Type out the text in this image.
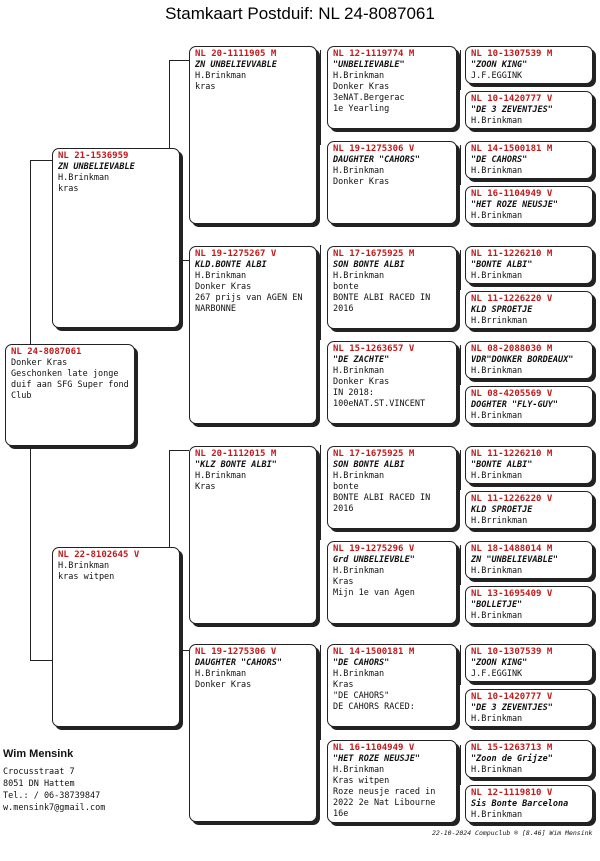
Stamkaart Postduif: NL 24-8087061
NL 24-8087061
Donker Kras
Geschonken late jonge duif aan SFG Super fond Club
NL 21-1536959
ZN UNBELIEVABLE
H.Brinkman
kras
NL 22-8102645 V
H.Brinkman
kras witpen
NL 20-1111905 M
ZN UNBELIEVVABLE
H.Brinkman
kras
NL 19-1275267 V
KLD.BONTE ALBI
H.Brinkman
Donker Kras
267 prijs van AGEN EN NARBONNE
NL 20-1112015 M
"KLZ BONTE ALBI"
H.Brinkman
Kras
NL 19-1275306 V
DAUGHTER "CAHORS"
H.Brinkman
Donker Kras
NL 12-1119774 M
"UNBELIEVABLE"
H.Brinkman
Donker Kras
3eNAT.Bergerac
1e Yearling
NL 19-1275306 V
DAUGHTER "CAHORS"
H.Brinkman
Donker Kras
NL 17-1675925 M
SON BONTE ALBI
H.Brinkman
bonte
BONTE ALBI RACED IN 2016
NL 15-1263657 V
"DE ZACHTE"
H.Brinkman
Donker Kras
IN 2018:
100eNAT.ST.VINCENT
NL 17-1675925 M
SON BONTE ALBI
H.Brinkman
bonte
BONTE ALBI RACED IN 2016
NL 19-1275296 V
Grd UNBELIEVBLE"
H.Brinkman
Kras
Mijn 1e van Agen
NL 14-1500181 M
"DE CAHORS"
H.Brinkman
Kras
"DE CAHORS"
DE CAHORS RACED:
NL 16-1104949 V
"HET ROZE NEUSJE"
H.Brinkman
Kras witpen
Roze neusje raced in 2022 2e Nat Libourne 16e
NL 10-1307539 M
"ZOON KING"
J.F.EGGINK
NL 10-1420777 V
"DE 3 ZEVENTJES"
H.Brinkman
NL 14-1500181 M
"DE CAHORS"
H.Brinkman
NL 16-1104949 V
"HET ROZE NEUSJE"
H.Brinkman
NL 11-1226210 M
"BONTE ALBI"
H.Brinkman
NL 11-1226220 V
KLD SPROETJE
H.Brrinkman
NL 08-2088030 M
VDR"DONKER BORDEAUX"
H.Brinkman
NL 08-4205569 V
DOGHTER "FLY-GUY"
H.Brinkman
NL 11-1226210 M
"BONTE ALBI"
H.Brinkman
NL 11-1226220 V
KLD SPROETJE
H.Brrinkman
NL 18-1488014 M
ZN "UNBELIEVABLE"
H.Brinkman
NL 13-1695409 V
"BOLLETJE"
H.Brinkman
NL 10-1307539 M
"ZOON KING"
J.F.EGGINK
NL 10-1420777 V
"DE 3 ZEVENTJES"
H.Brinkman
NL 15-1263713 M
"Zoon de Grijze"
H.Brinkman
NL 12-1119810 V
Sis Bonte Barcelona
H.Brinkman
Wim Mensink
Crocusstraat 7
8051 DN Hattem
Tel.: / 06-38739847
w.mensink7@gmail.com
22-10-2024 Compuclub ® [8.46] Wim Mensink
